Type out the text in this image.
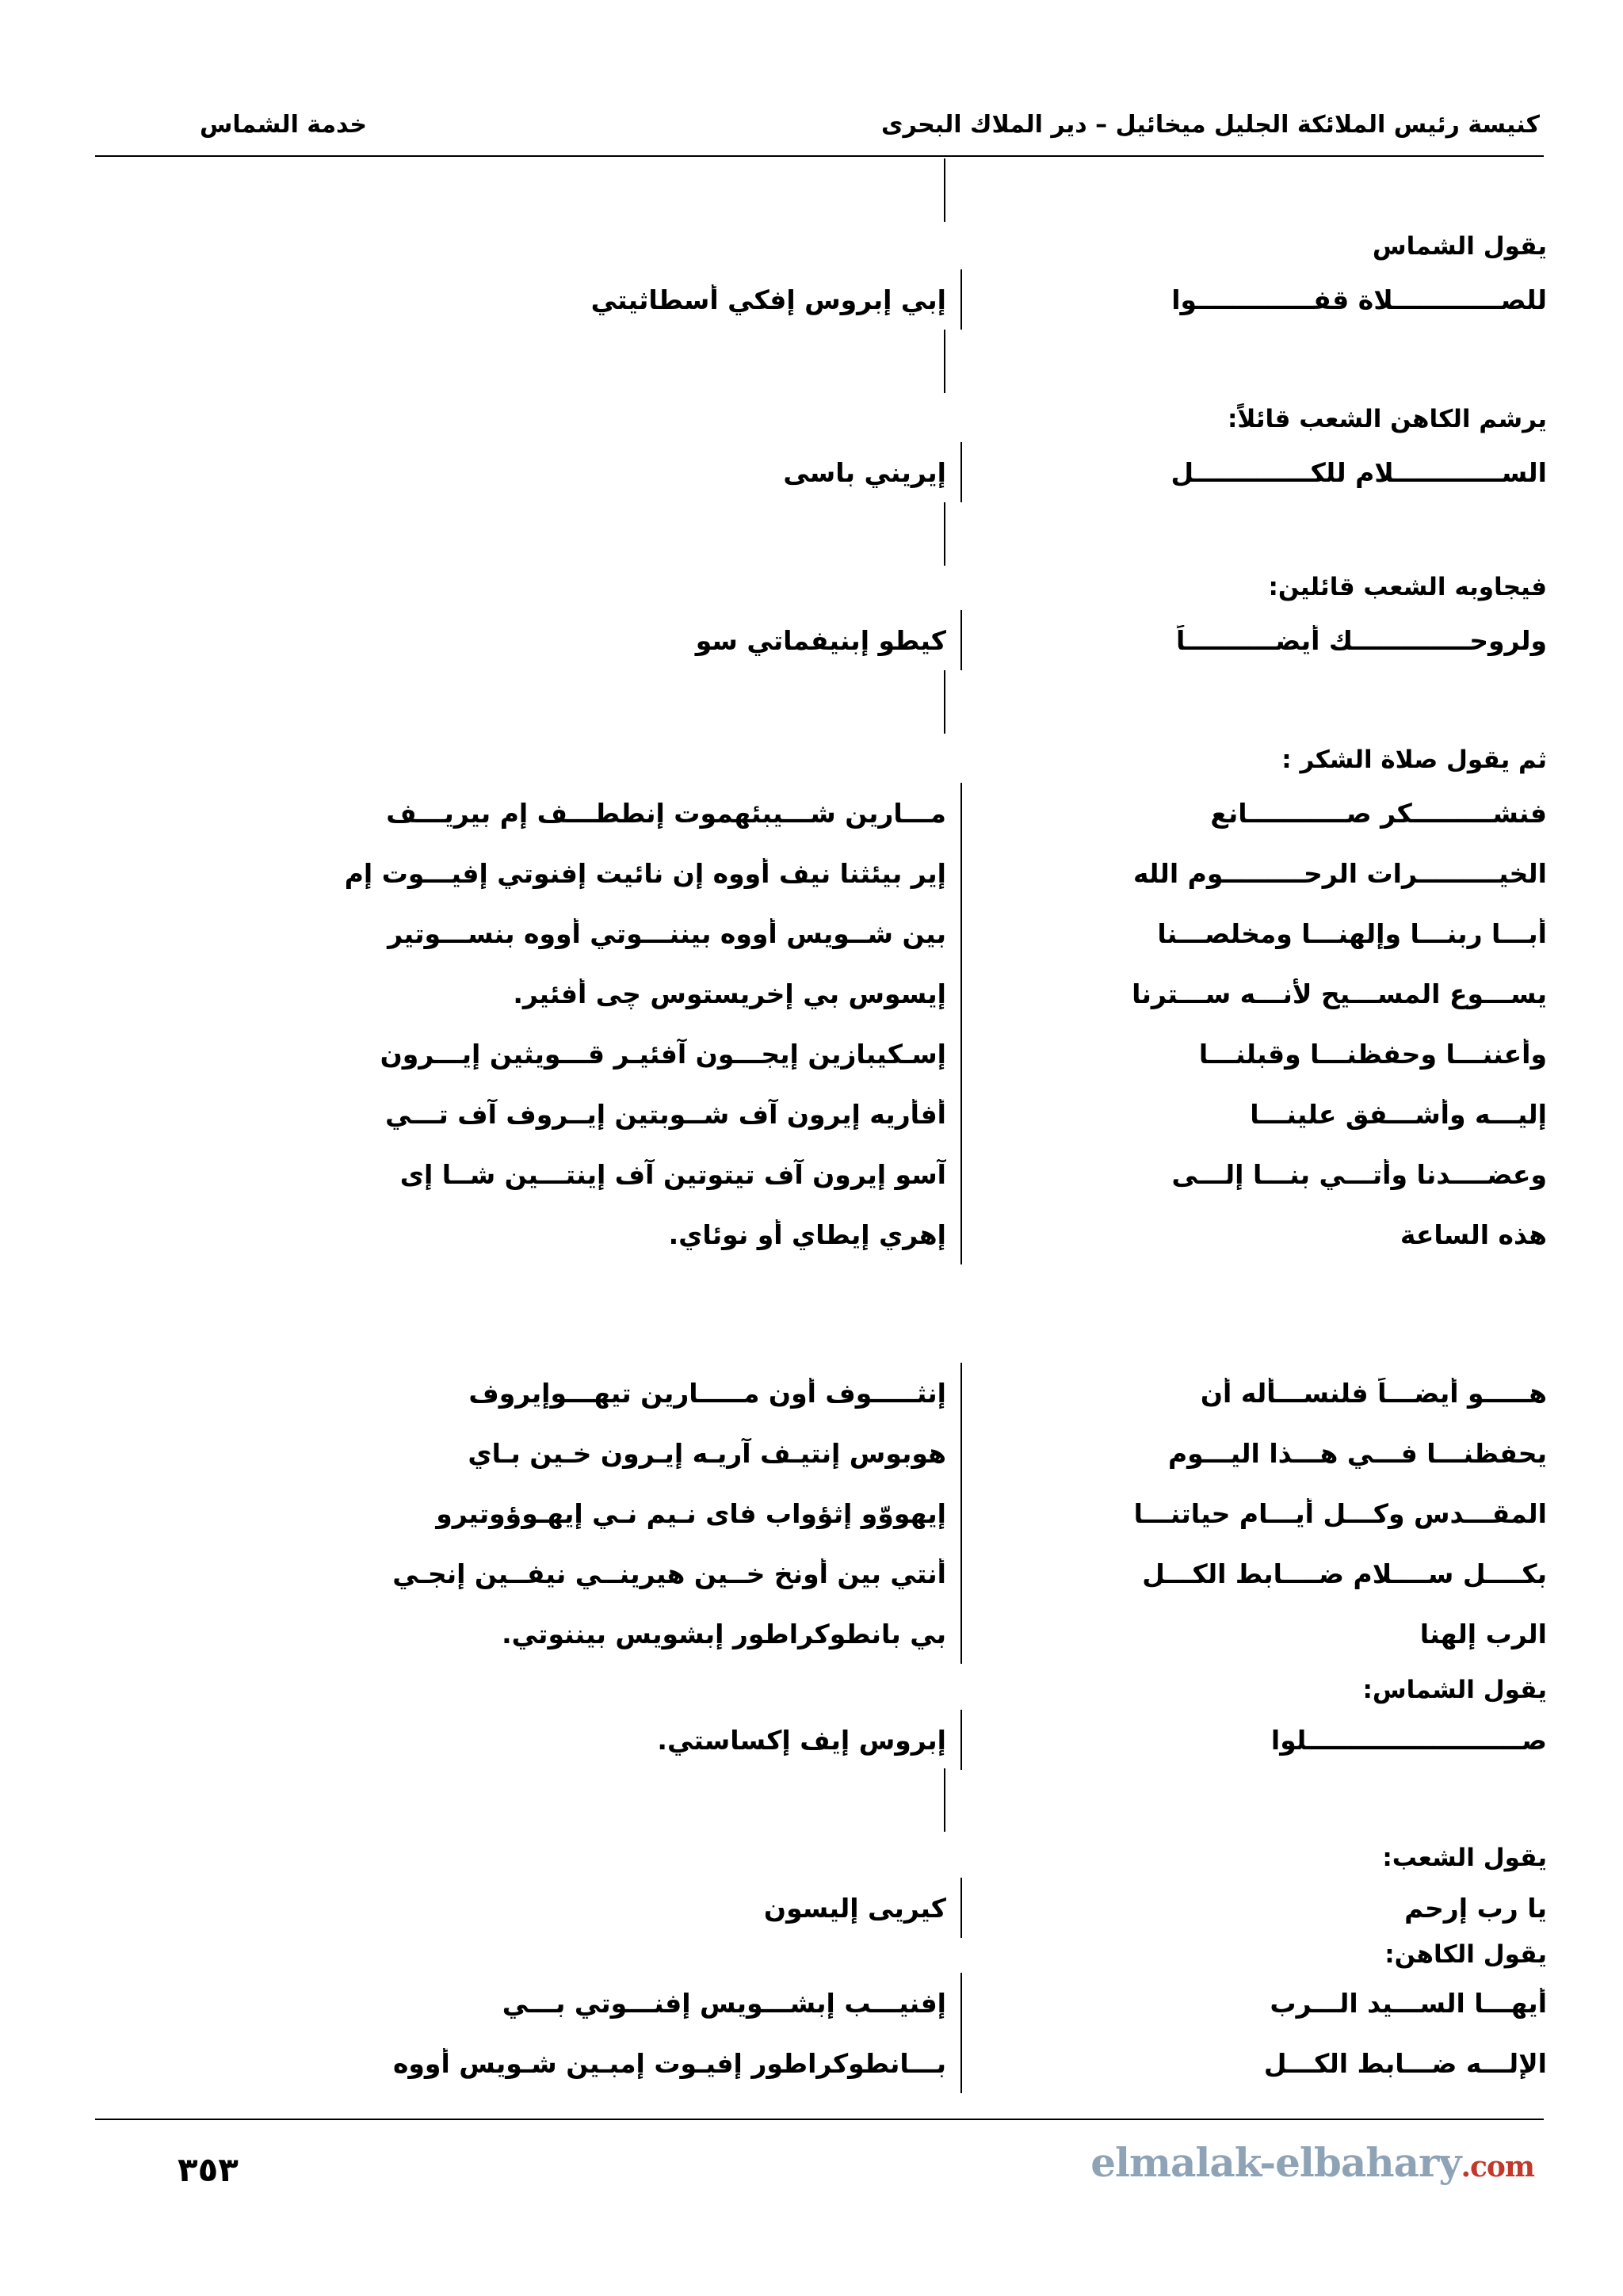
كنيسة رئيس الملائكة الجليل ميخائيل – دير الملاك البحرى
خدمة الشماس
يقول الشماس
للصــــــــــــلاة قفـــــــــــــوا
إبي إبروس إفكي أسطاثيتي
يرشم الكاهن الشعب قائلاً:
الســــــــــــلام للكـــــــــــــل
إيريني باسى
فيجاوبه الشعب قائلين:
ولروحـــــــــــــك أيضــــــــــاً
كيطو إبنيفماتي سو
ثم يقول صلاة الشكر :
فنشـــــــــكر صـــــــــــانع
مـــارين شـــيبئهموت إنططـــف إم بيريـــف
الخيـــــــــرات الرحـــــــــوم الله
إير بيئثنا نيف أووه إن نائيت إفنوتي إفيـــوت إم
أبـــا ربنـــا وإلهنـــا ومخلصـــنا
بين شــويس أووه بيننـــوتي أووه بنســـوتير
يســـوع المســـيح لأنـــه ســـترنا
إيسوس بي إخريستوس چى أفئير.
وأعننـــا وحفظنـــا وقبلنـــا
إسـكيبازين إيجـــون آفئيـر قـــويثين إيـــرون
إليـــه وأشـــفق علينـــا
أفأريه إيرون آف شــوبتين إيــروف آف تـــي
وعضــــدنا وأتـــي بنـــا إلـــى
آسو إيرون آف تيتوتين آف إينتـــين شــا إى
هذه الساعة
إهري إيطاي أو نوئاي.
هـــــو أيضـــاً فلنســـأله أن
إنثـــــوف أون مـــــارين تيهـــوإيروف
يحفظنـــا فـــي هـــذا اليـــوم
هوبوس إنتيـف آريـه إيـرون خـين بـاي
المقـــدس وكـــل أيـــام حياتنـــا
إيهووّو إثؤواب فاى نـيم نـي إيهـوؤوتيرو
بكــــل ســــلام ضــــابط الكـــل
أنتي بين أونخ خــين هيرينــي نيفــين إنجـي
الرب إلهنا
بي بانطوكراطور إبشويس بيننوتي.
يقول الشماس:
صــــــــــــــــــــــــلوا
إبروس إيف إكساستي.
يقول الشعب:
يا رب إرحم
كيريى إليسون
يقول الكاهن:
أيهـــا الســـيد الـــرب
إفنيـــب إبشـــويس إفنـــوتي بـــي
الإلـــه ضـــابط الكـــل
بـــانطوكراطور إفيـوت إمبـين شـويس أووه
٣٥٣	elmalak-elbahary.com
